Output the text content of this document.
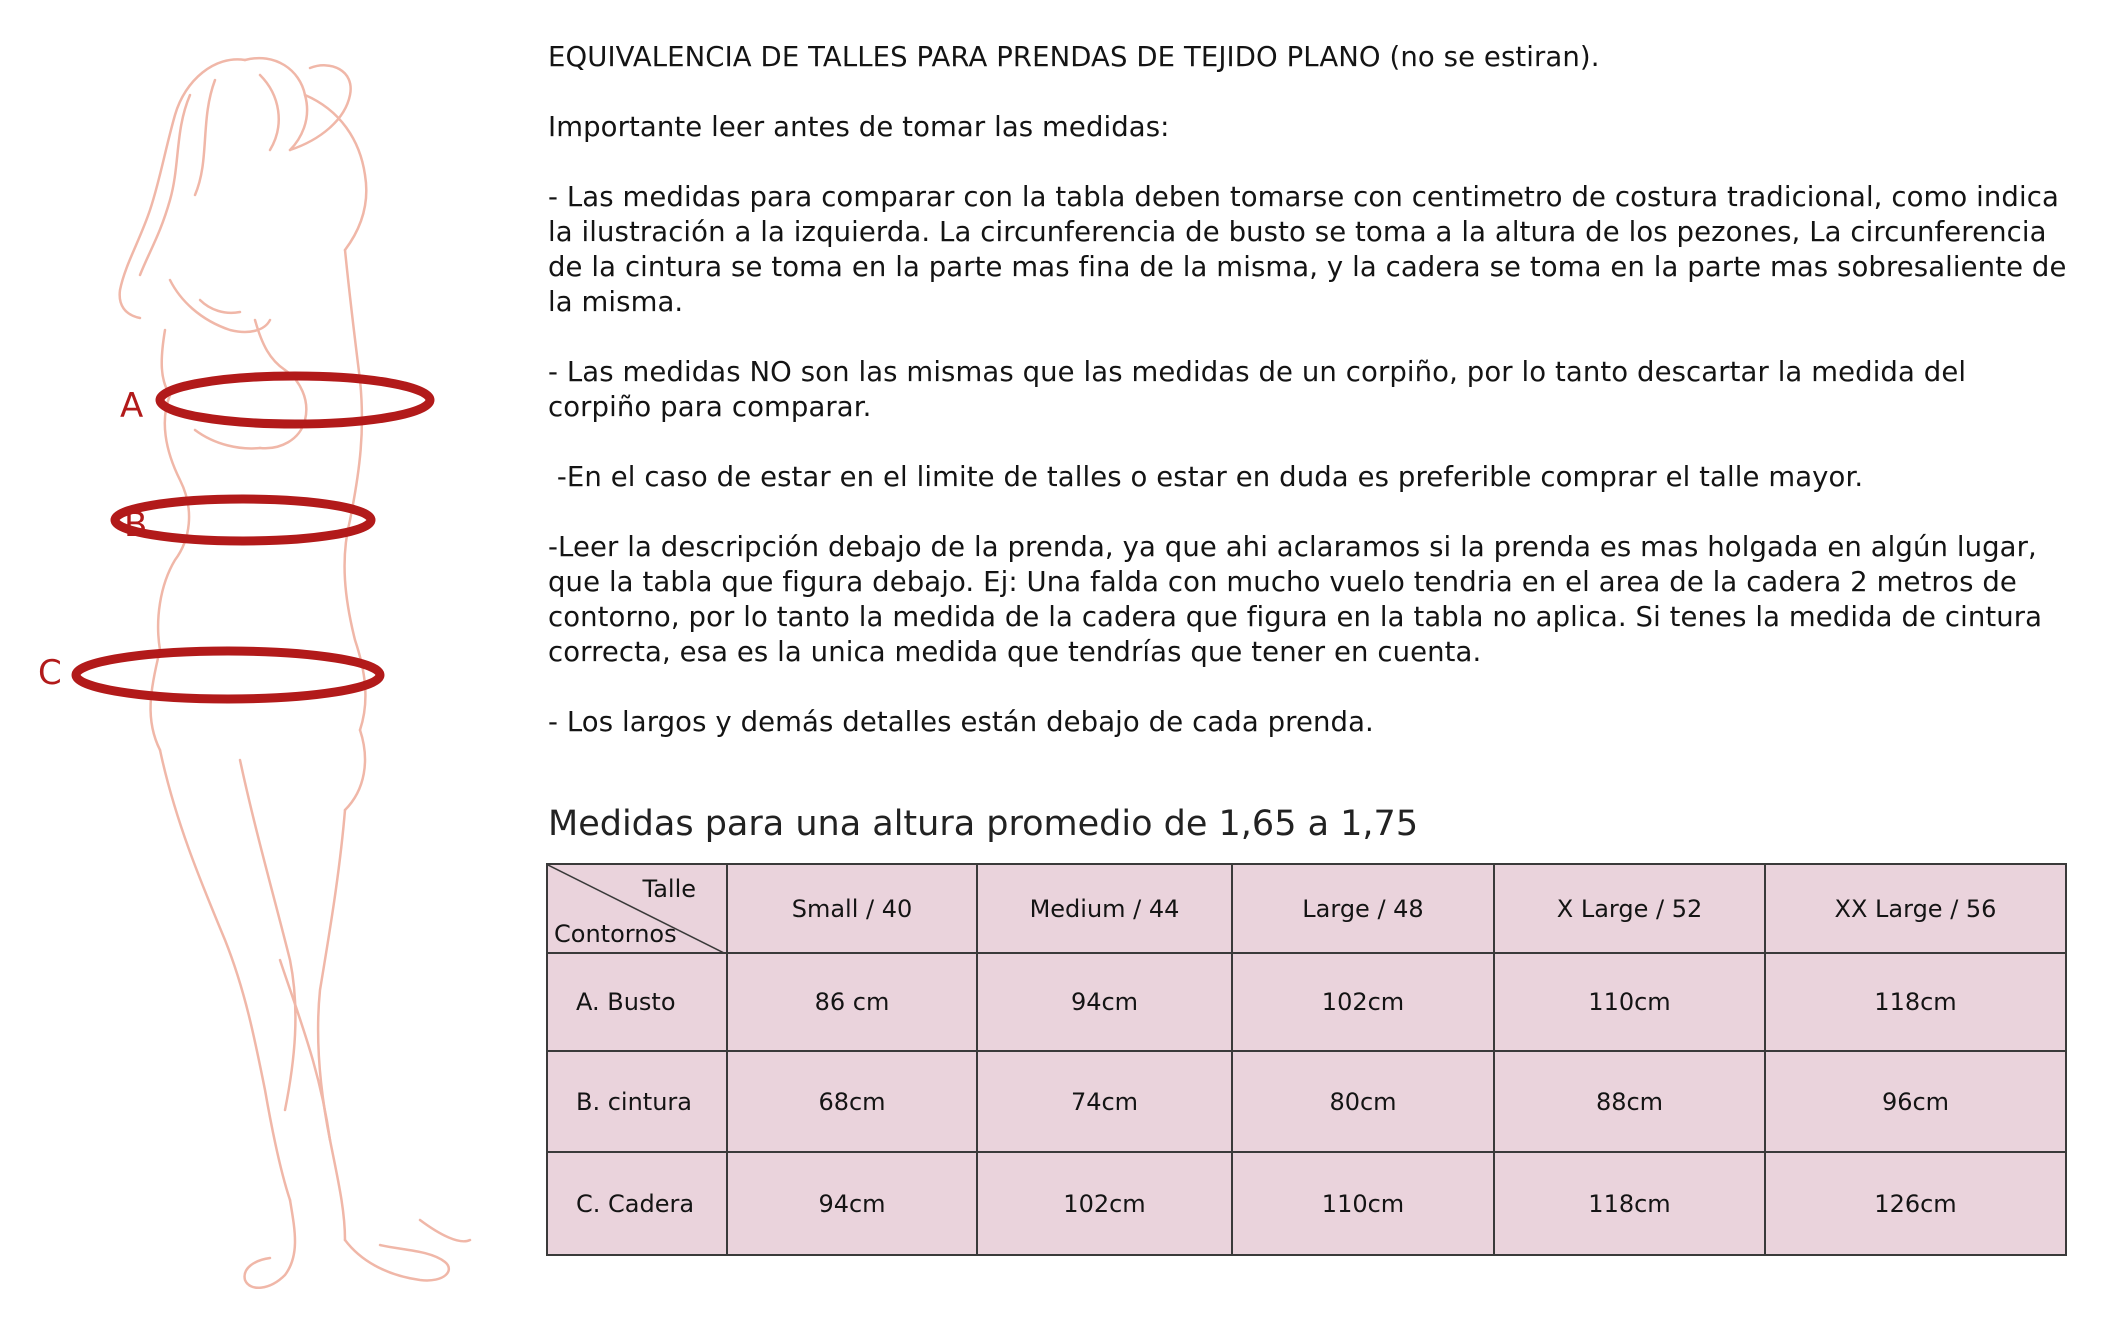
A
B
C

EQUIVALENCIA DE TALLES PARA PRENDAS DE TEJIDO PLANO (no se estiran).

Importante leer antes de tomar las medidas:

- Las medidas para comparar con la tabla deben tomarse con centimetro de costura tradicional, como indica la ilustración a la izquierda. La circunferencia de busto se toma a la altura de los pezones, La circunferencia de la cintura se toma en la parte mas fina de la misma, y la cadera se toma en la parte mas sobresaliente de la misma.

- Las medidas NO son las mismas que las medidas de un corpiño, por lo tanto descartar la medida del corpiño para comparar.

-En el caso de estar en el limite de talles o estar en duda es preferible comprar el talle mayor.

-Leer la descripción debajo de la prenda, ya que ahi aclaramos si la prenda es mas holgada en algún lugar, que la tabla que figura debajo. Ej: Una falda con mucho vuelo tendria en el area de la cadera 2 metros de contorno, por lo tanto la medida de la cadera que figura en la tabla no aplica. Si tenes la medida de cintura correcta, esa es la unica medida que tendrías que tener en cuenta.

- Los largos y demás detalles están debajo de cada prenda.

Medidas para una altura promedio de 1,65 a 1,75
Talle
Contornos	Small / 40	Medium / 44	Large / 48	X Large / 52	XX Large / 56
A. Busto	86 cm	94cm	102cm	110cm	118cm
B. cintura	68cm	74cm	80cm	88cm	96cm
C. Cadera	94cm	102cm	110cm	118cm	126cm
